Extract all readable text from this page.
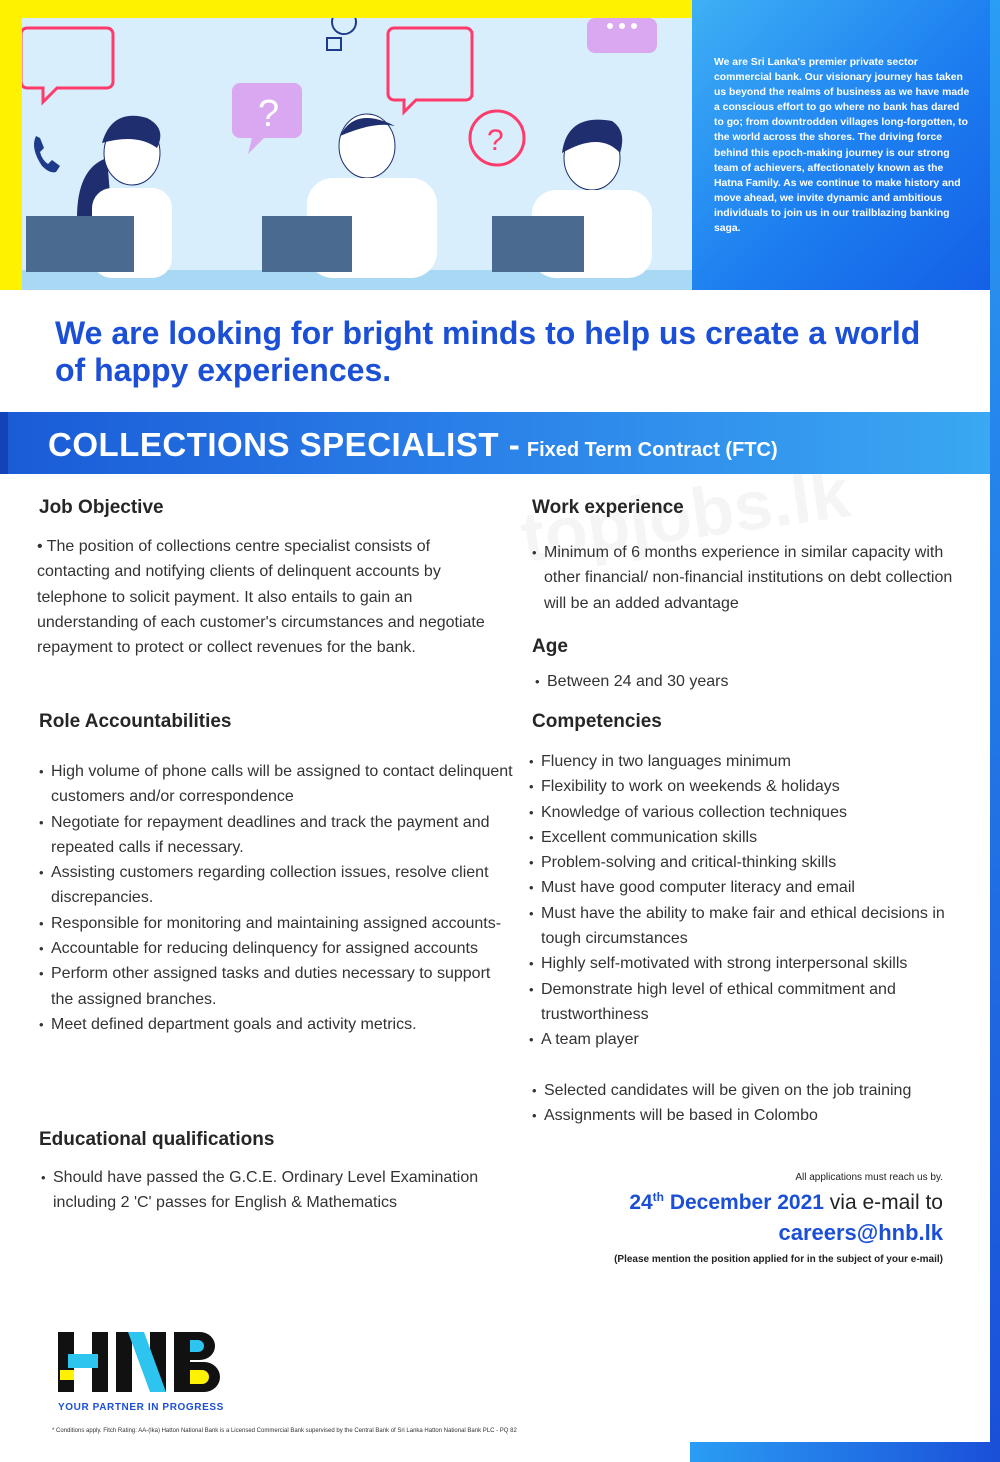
?
?

We are Sri Lanka's premier private sector commercial bank. Our visionary journey has taken us beyond the realms of business as we have made a conscious effort to go where no bank has dared to go; from downtrodden villages long-forgotten, to the world across the shores. The driving force behind this epoch-making journey is our strong team of achievers, affectionately known as the Hatna Family. As we continue to make history and move ahead, we invite dynamic and ambitious individuals to join us in our trailblazing banking saga.

We are looking for bright minds to help us create a world of happy experiences.
COLLECTIONS SPECIALIST - Fixed Term Contract (FTC)
Job Objective

• The position of collections centre specialist consists of contacting and notifying clients of delinquent accounts by telephone to solicit payment. It also entails to gain an understanding of each customer's circumstances and negotiate repayment to protect or collect revenues for the bank.

Role Accountabilities
• High volume of phone calls will be assigned to contact delinquent customers and/or correspondence
• Negotiate for repayment deadlines and track the payment and repeated calls if necessary.
• Assisting customers regarding collection issues, resolve client discrepancies.
• Responsible for monitoring and maintaining assigned accounts-
• Accountable for reducing delinquency for assigned accounts
• Perform other assigned tasks and duties necessary to support the assigned branches.
• Meet defined department goals and activity metrics.
Educational qualifications
• Should have passed the G.C.E. Ordinary Level Examination including 2 'C' passes for English & Mathematics
Work experience
• Minimum of 6 months experience in similar capacity with other financial/ non-financial institutions on debt collection will be an added advantage
Age
• Between 24 and 30 years
Competencies
• Fluency in two languages minimum
• Flexibility to work on weekends & holidays
• Knowledge of various collection techniques
• Excellent communication skills
• Problem-solving and critical-thinking skills
• Must have good computer literacy and email
• Must have the ability to make fair and ethical decisions in tough circumstances
• Highly self-motivated with strong interpersonal skills
• Demonstrate high level of ethical commitment and trustworthiness
• A team player
• Selected candidates will be given on the job training
• Assignments will be based in Colombo

All applications must reach us by.

24th December 2021 via e-mail to

careers@hnb.lk

(Please mention the position applied for in the subject of your e-mail)

YOUR PARTNER IN PROGRESS

* Conditions apply. Fitch Rating: AA-(lka) Hatton National Bank is a Licensed Commercial Bank supervised by the Central Bank of Sri Lanka Hatton National Bank PLC - PQ 82
